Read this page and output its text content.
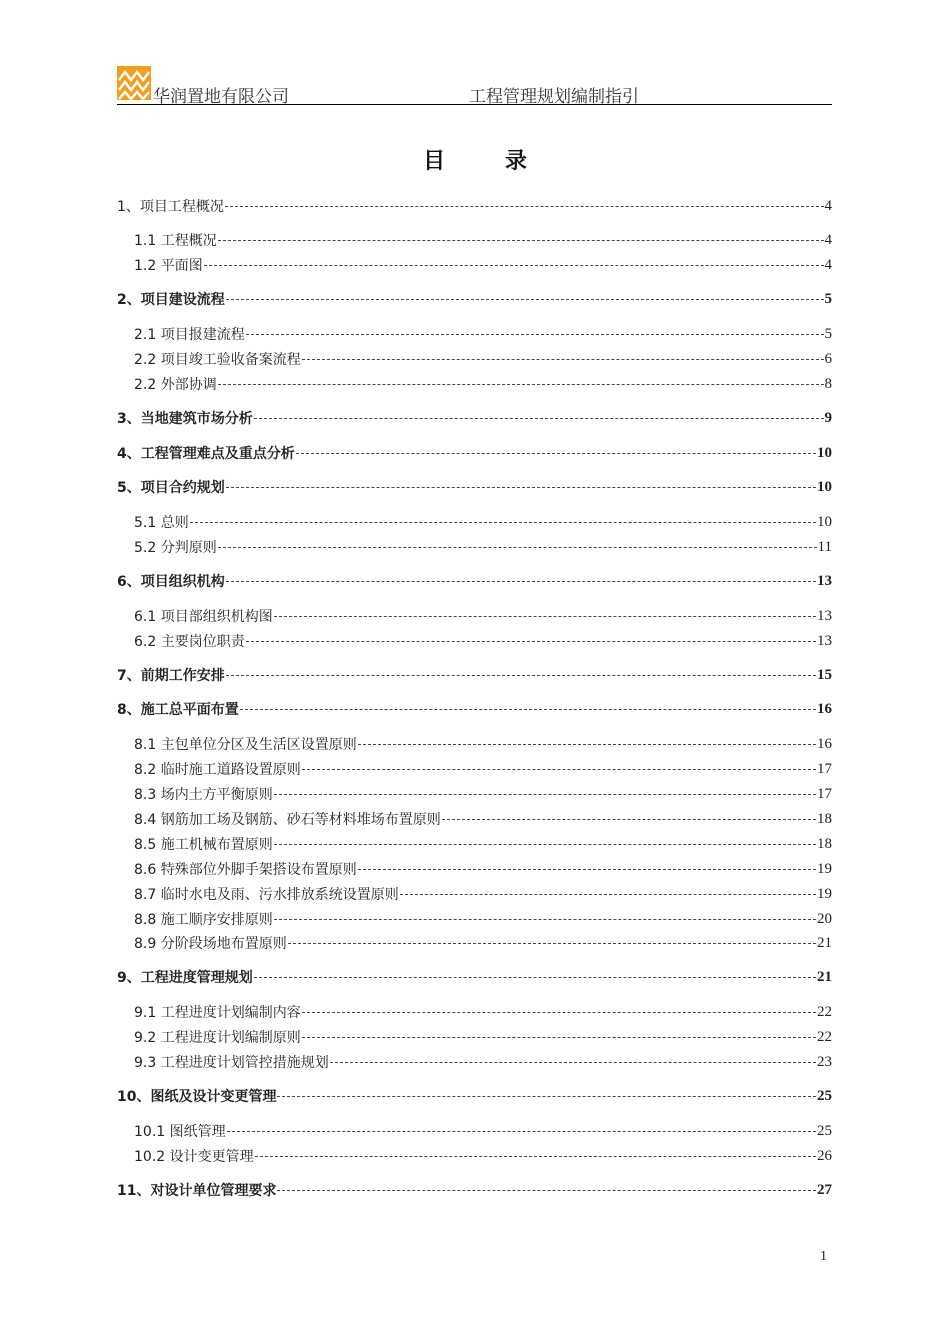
华润置地有限公司	工程管理规划编制指引
目 录
1、项目工程概况	4
1.1 工程概况	4
1.2 平面图	4
2、项目建设流程	5
2.1 项目报建流程	5
2.2 项目竣工验收备案流程	6
2.2 外部协调	8
3、当地建筑市场分析	9
4、工程管理难点及重点分析	10
5、项目合约规划	10
5.1 总则	10
5.2 分判原则	11
6、项目组织机构	13
6.1 项目部组织机构图	13
6.2 主要岗位职责	13
7、前期工作安排	15
8、施工总平面布置	16
8.1 主包单位分区及生活区设置原则	16
8.2 临时施工道路设置原则	17
8.3 场内土方平衡原则	17
8.4 钢筋加工场及钢筋、砂石等材料堆场布置原则	18
8.5 施工机械布置原则	18
8.6 特殊部位外脚手架搭设布置原则	19
8.7 临时水电及雨、污水排放系统设置原则	19
8.8 施工顺序安排原则	20
8.9 分阶段场地布置原则	21
9、工程进度管理规划	21
9.1 工程进度计划编制内容	22
9.2 工程进度计划编制原则	22
9.3 工程进度计划管控措施规划	23
10、图纸及设计变更管理	25
10.1 图纸管理	25
10.2 设计变更管理	26
11、对设计单位管理要求	27
1
